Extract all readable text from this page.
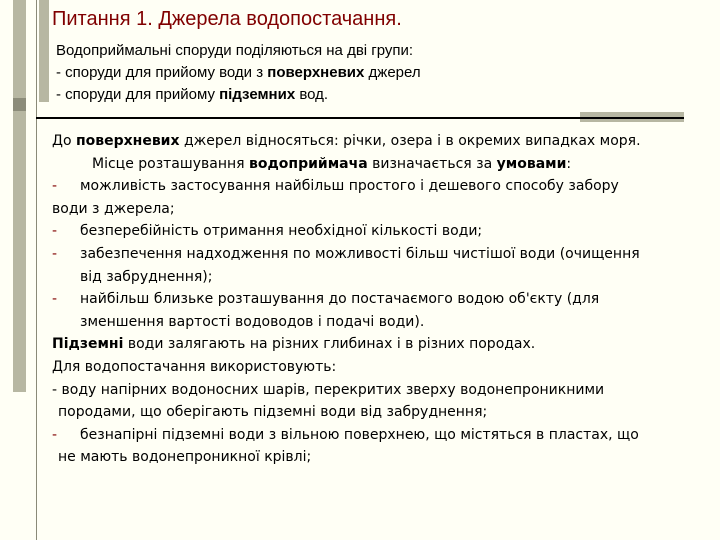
Питання 1. Джерела водопостачання.
Водоприймальні споруди поділяються на дві групи:
- споруди для прийому води з поверхневих джерел
- споруди для прийому підземних вод.
До поверхневих джерел відносяться: річки, озера і в окремих випадках моря.
Місце розташування водоприймача визначається за умовами:
-	можливість застосування найбільш простого і дешевого способу забору
води з джерела;
-	безперебійність отримання необхідної кількості води;
-	забезпечення надходження по можливості більш чистішої води (очищення
від забруднення);
-	найбільш близьке розташування до постачаємого водою об'єкту (для
зменшення вартості водоводов і подачі води).
Підземні води залягають на різних глибинах і в різних породах.
Для водопостачання використовують:
- воду напірних водоносних шарів, перекритих зверху водонепроникними
породами, що оберігають підземні води від забруднення;
-	безнапірні підземні води з вільною поверхнею, що містяться в пластах, що
не мають водонепроникної крівлі;
